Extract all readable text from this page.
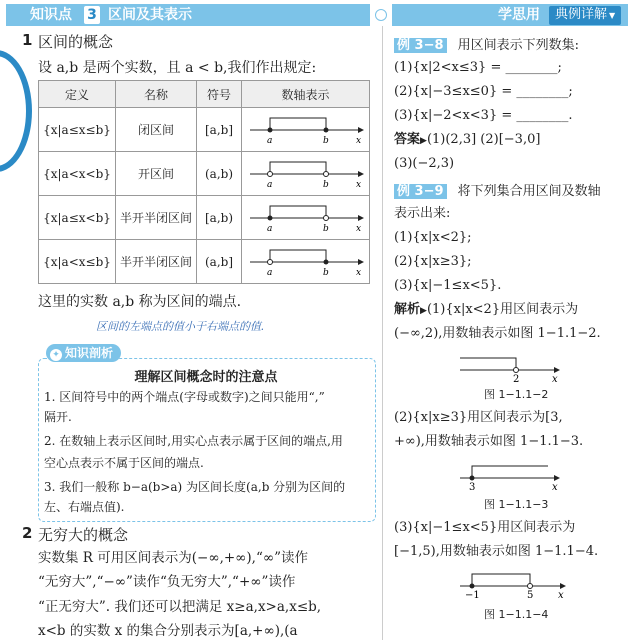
知识点 3 区间及其表示	学思用	典例详解 ▼
1 区间的概念
设 a,b 是两个实数，且 a < b,我们作出规定:
定义	名称	符号	数轴表示
{x|a≤x≤b}	闭区间	[a,b]	a b x

{x|a<x<b}	开区间	(a,b)	a b x

{x|a≤x<b}	半开半闭区间	[a,b)	a b x

{x|a<x≤b}	半开半闭区间	(a,b]	a b x
这里的实数 a,b 称为区间的端点.
区间的左端点的值小于右端点的值.
✦ 知识剖析
理解区间概念时的注意点
1. 区间符号中的两个端点(字母或数字)之间只能用“,”
隔开.
2. 在数轴上表示区间时,用实心点表示属于区间的端点,用
空心点表示不属于区间的端点.
3. 我们一般称 b−a(b>a) 为区间长度(a,b 分别为区间的
左、右端点值).
2 无穷大的概念
实数集 R 可用区间表示为(−∞,+∞),“∞”读作
“无穷大”,“−∞”读作“负无穷大”,“+∞”读作
“正无穷大”. 我们还可以把满足 x≥a,x>a,x≤b,
x<b 的实数 x 的集合分别表示为[a,+∞),(a
例 3−8 用区间表示下列数集:
(1){x|2<x≤3} = ________;
(2){x|−3≤x≤0} = ________;
(3){x|−2<x<3} = ________.
答案▶(1)(2,3] (2)[−3,0]
(3)(−2,3)
例 3−9 将下列集合用区间及数轴
表示出来:
(1){x|x<2};
(2){x|x≥3};
(3){x|−1≤x<5}.
解析▶(1){x|x<2}用区间表示为
(−∞,2),用数轴表示如图 1−1.1−2.
2	x
图 1−1.1−2
(2){x|x≥3}用区间表示为[3,
+∞),用数轴表示如图 1−1.1−3.
3	x
图 1−1.1−3
(3){x|−1≤x<5}用区间表示为
[−1,5),用数轴表示如图 1−1.1−4.
−1	5 x
图 1−1.1−4
